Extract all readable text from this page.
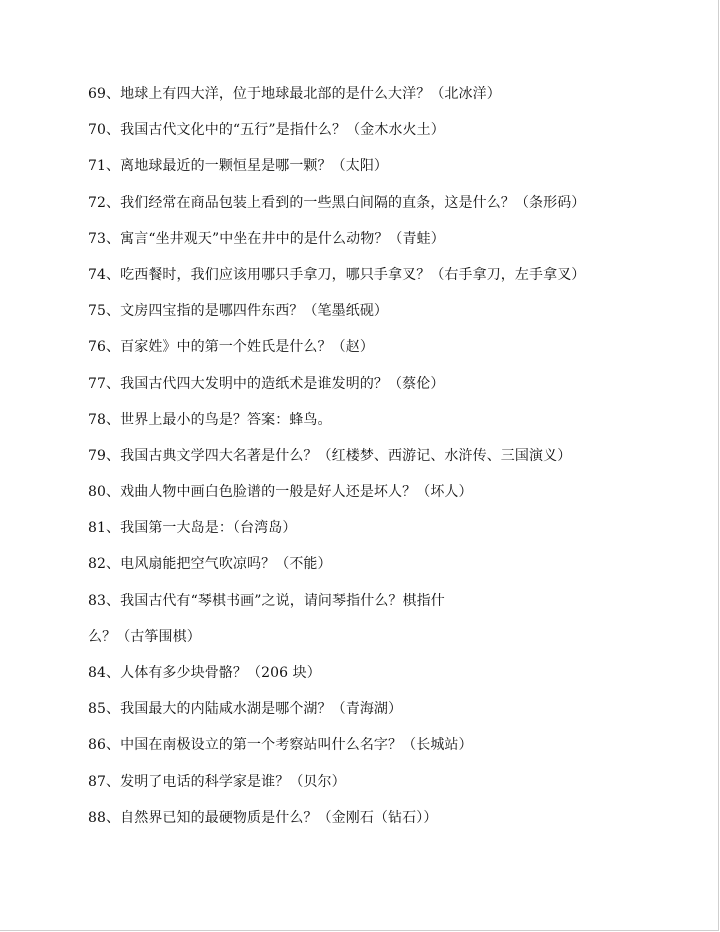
69、地球上有四大洋，位于地球最北部的是什么大洋？（北冰洋）
70、我国古代文化中的“五行”是指什么？（金木水火土）
71、离地球最近的一颗恒星是哪一颗？（太阳）
72、我们经常在商品包装上看到的一些黑白间隔的直条，这是什么？（条形码）
73、寓言“坐井观天”中坐在井中的是什么动物？（青蛙）
74、吃西餐时，我们应该用哪只手拿刀，哪只手拿叉？（右手拿刀，左手拿叉）
75、文房四宝指的是哪四件东西？（笔墨纸砚）
76、百家姓》中的第一个姓氏是什么？（赵）
77、我国古代四大发明中的造纸术是谁发明的？（蔡伦）
78、世界上最小的鸟是？答案：蜂鸟。
79、我国古典文学四大名著是什么？（红楼梦、西游记、水浒传、三国演义）
80、戏曲人物中画白色脸谱的一般是好人还是坏人？（坏人）
81、我国第一大岛是：（台湾岛）
82、电风扇能把空气吹凉吗？（不能）
83、我国古代有“琴棋书画”之说，请问琴指什么？棋指什
么？（古筝围棋）
84、人体有多少块骨骼？（206 块）
85、我国最大的内陆咸水湖是哪个湖？（青海湖）
86、中国在南极设立的第一个考察站叫什么名字？（长城站）
87、发明了电话的科学家是谁？（贝尔）
88、自然界已知的最硬物质是什么？（金刚石（钻石））
